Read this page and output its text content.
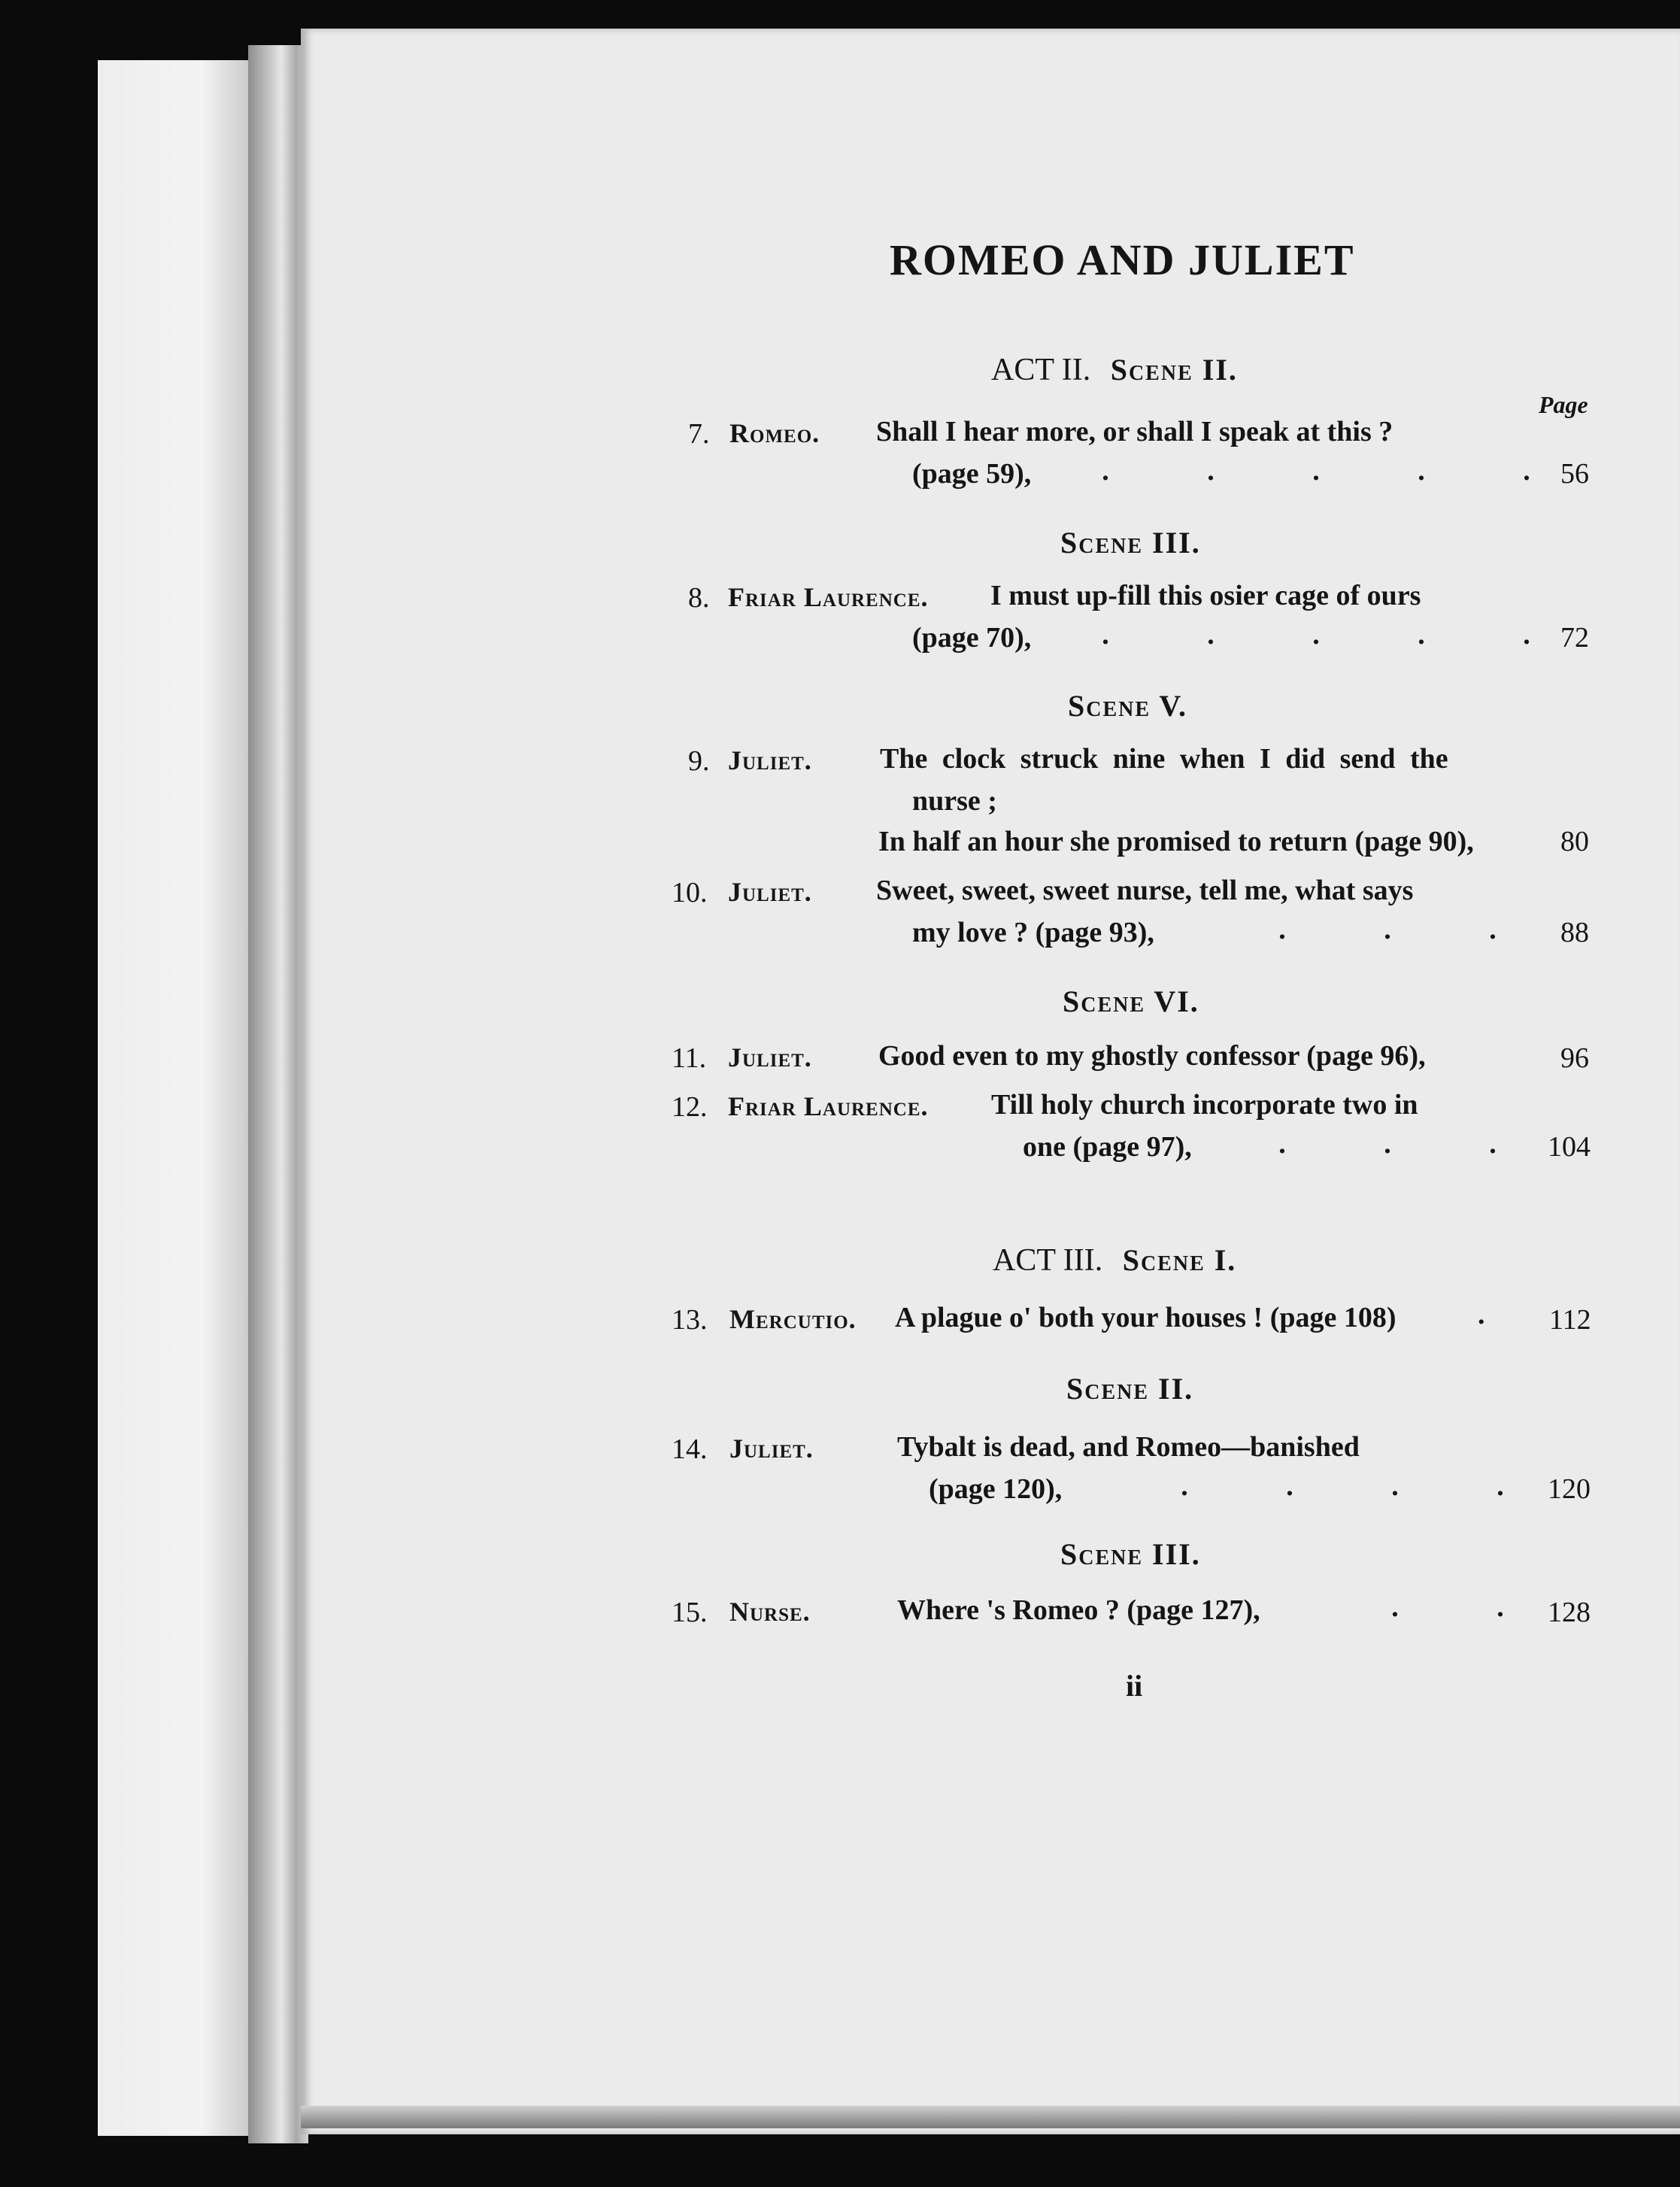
ROMEO AND JULIET
ACT II. Scene II.
Page
7. Romeo. Shall I hear more, or shall I speak at this ?
(page 59),	.	.	.	.	.	56
Scene III.
8. Friar Laurence. I must up-fill this osier cage of ours
(page 70),	.	.	.	.	.	72
Scene V.
9. Juliet. The clock struck nine when I did send the
nurse ;
In half an hour she promised to return (page 90),	80
10. Juliet. Sweet, sweet, sweet nurse, tell me, what says
my love ? (page 93),	.	.	.	88
Scene VI.
11. Juliet. Good even to my ghostly confessor (page 96),	96
12. Friar Laurence. Till holy church incorporate two in
one (page 97),	.	.	.	104
ACT III. Scene I.
13. Mercutio. A plague o' both your houses ! (page 108)	. 112
Scene II.
14. Juliet.	Tybalt is dead, and Romeo—banished
(page 120),	.	.	.	.	120
Scene III.
15. Nurse.	Where 's Romeo ? (page 127),	.	.	128
ii
